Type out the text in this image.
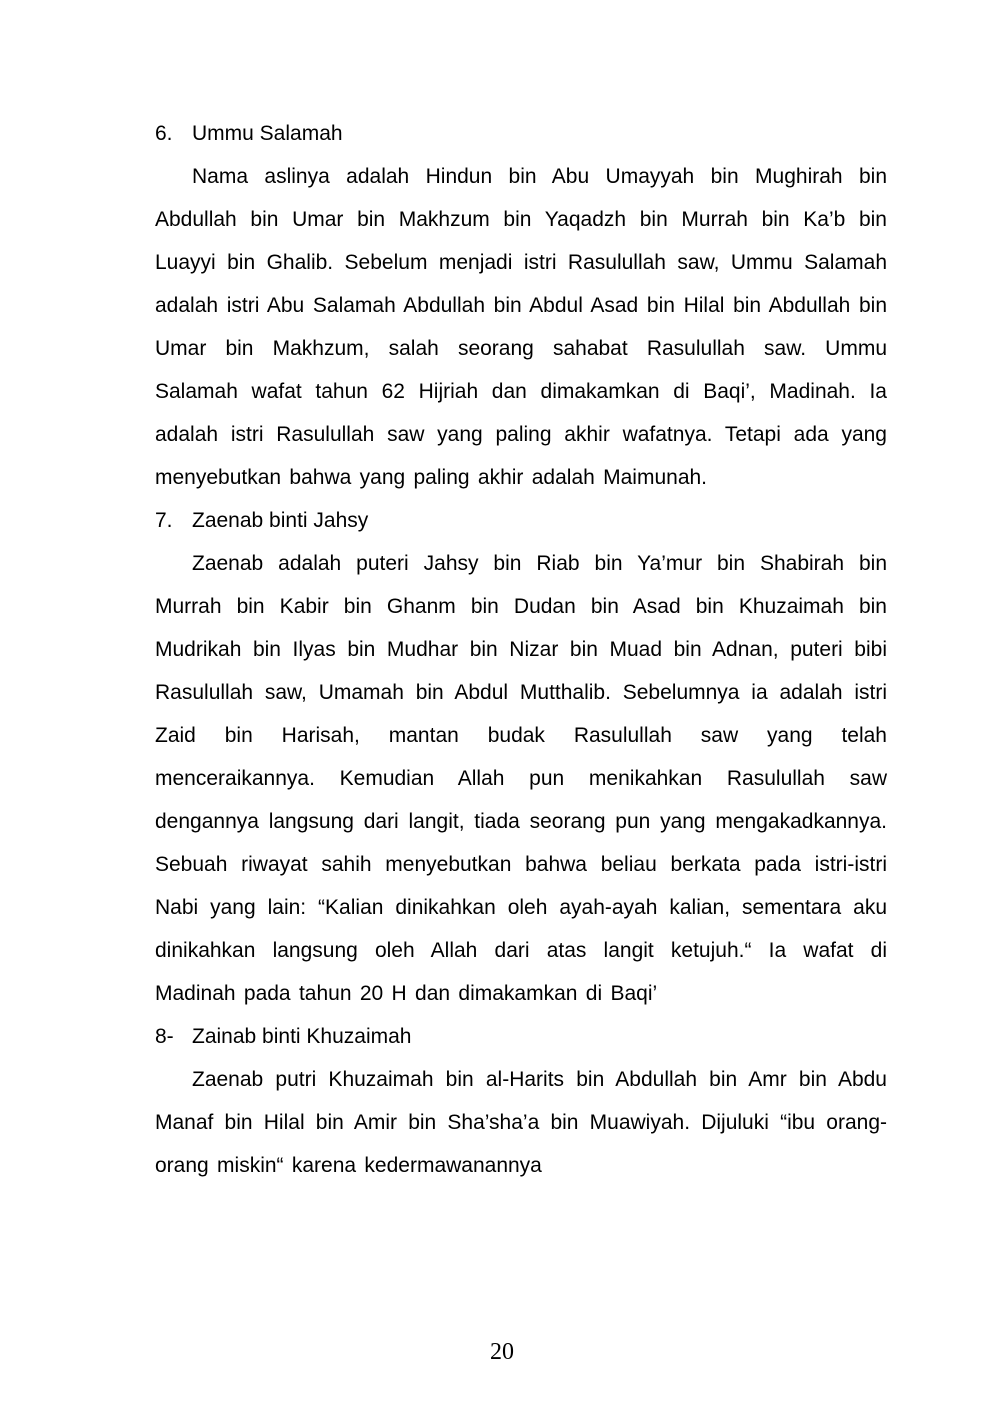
6. Ummu Salamah

Nama aslinya adalah Hindun bin Abu Umayyah bin Mughirah bin Abdullah bin Umar bin Makhzum bin Yaqadzh bin Murrah bin Ka’b bin Luayyi bin Ghalib. Sebelum menjadi istri Rasulullah saw, Ummu Salamah adalah istri Abu Salamah Abdullah bin Abdul Asad bin Hilal bin Abdullah bin Umar bin Makhzum, salah seorang sahabat Rasulullah saw. Ummu Salamah wafat tahun 62 Hijriah dan dimakamkan di Baqi’, Madinah. Ia adalah istri Rasulullah saw yang paling akhir wafatnya. Tetapi ada yang menyebutkan bahwa yang paling akhir adalah Maimunah.

7. Zaenab binti Jahsy

Zaenab adalah puteri Jahsy bin Riab bin Ya’mur bin Shabirah bin Murrah bin Kabir bin Ghanm bin Dudan bin Asad bin Khuzaimah bin Mudrikah bin Ilyas bin Mudhar bin Nizar bin Muad bin Adnan, puteri bibi Rasulullah saw, Umamah bin Abdul Mutthalib. Sebelumnya ia adalah istri Zaid bin Harisah, mantan budak Rasulullah saw yang telah menceraikannya. Kemudian Allah pun menikahkan Rasulullah saw dengannya langsung dari langit, tiada seorang pun yang mengakadkannya. Sebuah riwayat sahih menyebutkan bahwa beliau berkata pada istri-istri Nabi yang lain: “Kalian dinikahkan oleh ayah-ayah kalian, sementara aku dinikahkan langsung oleh Allah dari atas langit ketujuh.“ Ia wafat di Madinah pada tahun 20 H dan dimakamkan di Baqi’

8- Zainab binti Khuzaimah

Zaenab putri Khuzaimah bin al-Harits bin Abdullah bin Amr bin Abdu Manaf bin Hilal bin Amir bin Sha’sha’a bin Muawiyah. Dijuluki “ibu orang-orang miskin“ karena kedermawanannya

20
